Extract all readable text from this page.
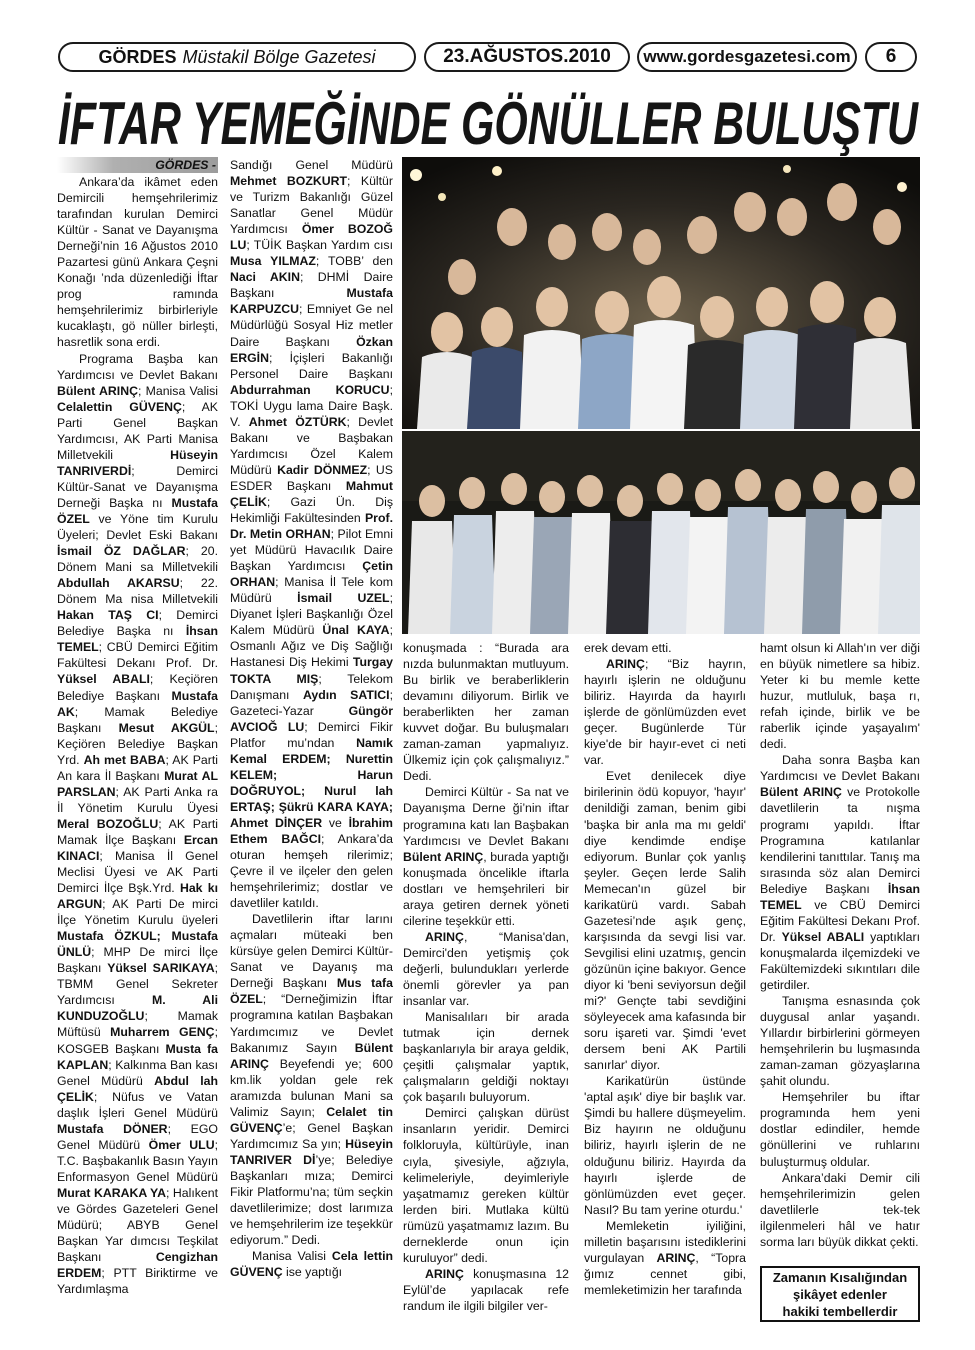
GÖRDES Müstakil Bölge Gazetesi	23.AĞUSTOS.2010	www.gordesgazetesi.com	6
İFTAR YEMEĞİNDE GÖNÜLLER BULUŞTU
GÖRDES -

Ankara’da ikâmet eden Demircili hemşehrilerimiz tarafından kurulan Demirci Kültür - Sanat ve Dayanışma Derneği’nin 16 Ağustos 2010 Pazartesi günü Ankara Çeşni Konağı ’nda düzenlediği İftar prog ramında hemşehrilerimiz birbirleriyle kucaklaştı, gö nüller birleşti, hasretlik sona erdi.

Programa Başba kan Yardımcısı ve Devlet Bakanı Bülent ARINÇ; Manisa Valisi Celalettin GÜVENÇ; AK Parti Genel Başkan Yardımcısı, AK Parti Manisa Milletvekili Hüseyin TANRIVERDİ; Demirci Kültür-Sanat ve Dayanışma Derneği Başka nı Mustafa ÖZEL ve Yöne tim Kurulu Üyeleri; Devlet Eski Bakanı İsmail ÖZ DAĞLAR; 20. Dönem Mani sa Milletvekili Abdullah AKARSU; 22. Dönem Ma nisa Milletvekili Hakan TAŞ CI; Demirci Belediye Başka nı İhsan TEMEL; CBÜ Demirci Eğitim Fakültesi Dekanı Prof. Dr. Yüksel ABALI; Keçiören Belediye Başkanı Mustafa AK; Mamak Belediye Başkanı Mesut AKGÜL; Keçiören Belediye Başkan Yrd. Ah met BABA; AK Parti An kara İl Başkanı Murat AL PARSLAN; AK Parti Anka ra İl Yönetim Kurulu Üyesi Meral BOZOĞLU; AK Parti Mamak İlçe Başkanı Ercan KINACI; Manisa İl Genel Meclisi Üyesi ve AK Parti Demirci İlçe Bşk.Yrd. Hak kı ARGUN; AK Parti De mirci İlçe Yönetim Kurulu üyeleri Mustafa ÖZKUL; Mustafa ÜNLÜ; MHP De mirci İlçe Başkanı Yüksel SARIKAYA; TBMM Genel Sekreter Yardımcısı M. Ali KUNDUZOĞLU; Mamak Müftüsü Muharrem GENÇ; KOSGEB Başkanı Musta fa KAPLAN; Kalkınma Ban kası Genel Müdürü Abdul lah ÇELİK; Nüfus ve Vatan daşlık İşleri Genel Müdürü Mustafa DÖNER; EGO Genel Müdürü Ömer ULU; T.C. Başbakanlık Basın Yayın Enformasyon Genel Müdürü Murat KARAKA YA; Halıkent ve Gördes Gazeteleri Genel Müdürü; ABYB Genel Başkan Yar dımcısı Teşkilat Başkanı Cengizhan ERDEM; PTT Biriktirme ve Yardımlaşma

Sandığı Genel Müdürü Mehmet BOZKURT; Kültür ve Turizm Bakanlığı Güzel Sanatlar Genel Müdür Yardımcısı Ömer BOZOĞ LU; TÜİK Başkan Yardım cısı Musa YILMAZ; TOBB’ den Naci AKIN; DHMİ Daire Başkanı Mustafa KARPUZCU; Emniyet Ge nel Müdürlüğü Sosyal Hiz metler Daire Başkanı Özkan ERGİN; İçişleri Bakanlığı Personel Daire Başkanı Abdurrahman KORUCU; TOKİ Uygu lama Daire Başk. V. Ahmet ÖZTÜRK; Devlet Bakanı ve Başbakan Yardımcısı Özel Kalem Müdürü Kadir DÖNMEZ; US ESDER Başkanı Mahmut ÇELİK; Gazi Ün. Diş Hekimliği Fakültesinden Prof. Dr. Metin ORHAN; Pilot Emni yet Müdürü Havacılık Daire Başkan Yardımcısı Çetin ORHAN; Manisa İl Tele kom Müdürü İsmail UZEL; Diyanet İşleri Başkanlığı Özel Kalem Müdürü Ünal KAYA; Osmanlı Ağız ve Diş Sağlığı Hastanesi Diş Hekimi Turgay TOKTA MIŞ; Telekom Danışmanı Aydın SATICI; Gazeteci-Yazar Güngör AVCIOĞ LU; Demirci Fikir Platfor mu’ndan Namık Kemal ERDEM; Nurettin KELEM; Harun DOĞRUYOL; Nurul lah ERTAŞ; Şükrü KARA KAYA; Ahmet DİNÇER ve İbrahim Ethem BAĞCI; Ankara’da oturan hemşeh rilerimiz; Çevre il ve ilçeler den gelen hemşehrilerimiz; dostlar ve davetliler katıldı.

Davetlilerin iftar larını açmaları müteaki ben kürsüye gelen Demirci Kültür-Sanat ve Dayanış ma Derneği Başkanı Mus tafa ÖZEL; “Derneğimizin İftar programına katılan Başbakan Yardımcımız ve Devlet Bakanımız Sayın Bülent ARINÇ Beyefendi ye; 600 km.lik yoldan gele rek aramızda bulunan Mani sa Valimiz Sayın; Celalet tin GÜVENÇ’e; Genel Başkan Yardımcımız Sa yın; Hüseyin TANRIVER Dİ’ye; Belediye Başkanları mıza; Demirci Fikir Platformu’na; tüm seçkin davetlilerimize; dost larımıza ve hemşehrilerim ize teşekkür ediyorum.” Dedi.

Manisa Valisi Cela lettin GÜVENÇ ise yaptığı

konuşmada : “Burada ara nızda bulunmaktan mutluyum. Bu birlik ve beraberliklerin devamını diliyorum. Birlik ve beraberlikten her zaman kuvvet doğar. Bu buluşmaları zaman-zaman yapmalıyız. Ülkemiz için çok çalışmalıyız.” Dedi.

Demirci Kültür - Sa nat ve Dayanışma Derne ği’nin iftar programına katı lan Başbakan Yardımcısı ve Devlet Bakanı Bülent ARINÇ, burada yaptığı konuşmada öncelikle iftarla dostları ve hemşehrileri bir araya getiren dernek yöneti cilerine teşekkür etti.

ARINÇ, “Manisa'dan, Demirci'den yetişmiş çok değerli, bulundukları yerlerde önemli görevler ya pan insanlar var.

Manisalıları bir arada tutmak için dernek başkanlarıyla bir araya geldik, çeşitli çalışmalar yaptık, çalışmaların geldiği noktayı çok başarılı buluyorum.

Demirci çalışkan dürüst insanların yeridir. Demirci folkloruyla, kültürüyle, inan cıyla, şivesiyle, ağzıyla, kelimeleriyle, deyimleriyle yaşatmamız gereken kültür lerden biri. Mutlaka kültü rümüzü yaşatmamız lazım. Bu derneklerde onun için kuruluyor” dedi.

ARINÇ konuşmasına 12 Eylül’de yapılacak refe randum ile ilgili bilgiler ver-

erek devam etti.

ARINÇ; “Biz hayrın, hayırlı işlerin ne olduğunu biliriz. Hayırda da hayırlı işlerde de gönlümüzden evet geçer. Bugünlerde Tür kiye'de bir hayır-evet ci neti var.

Evet denilecek diye birilerinin ödü kopuyor, 'hayır' denildiği zaman, benim gibi 'başka bir anla ma mı geldi' diye kendimde endişe ediyorum. Bunlar çok yanlış şeyler. Geçen lerde Salih Memecan'ın güzel bir karikatürü vardı. Sabah Gazetesi’nde aşık genç, karşısında da sevgi lisi var. Sevgilisi elini uzatmış, gencin gözünün içine bakıyor. Gence diyor ki 'beni seviyorsun değil mi?' Gençte tabi sevdiğini söyleyecek ama kafasında bir soru işareti var. Şimdi 'evet dersem beni AK Partili sanırlar' diyor.

Karikatürün üstünde 'aptal aşık' diye bir başlık var. Şimdi bu hallere düşmeyelim. Biz hayırın ne olduğunu biliriz, hayırlı işlerin de ne olduğunu biliriz. Hayırda da hayırlı işlerde de gönlümüzden evet geçer. Nasıl? Bu tam yerine oturdu.'

Memleketin iyiliğini, milletin başarısını istediklerini vurgulayan ARINÇ, “Topra ğımız cennet gibi, memleketimizin her tarafında

hamt olsun ki Allah'ın ver diği en büyük nimetlere sa hibiz. Yeter ki bu memle kette huzur, mutluluk, başa rı, refah içinde, birlik ve be raberlik içinde yaşayalım' dedi.

Daha sonra Başba kan Yardımcısı ve Devlet Bakanı Bülent ARINÇ ve Protokolle davetlilerin ta nışma programı yapıldı. İftar Programına katılanlar kendilerini tanıttılar. Tanış ma sırasında söz alan Demirci Belediye Başkanı İhsan TEMEL ve CBÜ Demirci Eğitim Fakültesi Dekanı Prof. Dr. Yüksel ABALI yaptıkları konuşmalarda ilçemizdeki ve Fakültemizdeki sıkıntıları dile getirdiler.

Tanışma esnasında çok duygusal anlar yaşandı. Yıllardır birbirlerini görmeyen hemşehrilerin bu luşmasında zaman-zaman gözyaşlarına şahit olundu.

Hemşehriler bu iftar programında hem yeni dostlar edindiler, hemde gönüllerini ve ruhlarını buluşturmuş oldular.

Ankara’daki Demir cili hemşehrilerimizin gelen davetlilerle tek-tek ilgilenmeleri hâl ve hatır sorma ları büyük dikkat çekti.

Zamanın Kısalığından
şikâyet edenler
hakiki tembellerdir
